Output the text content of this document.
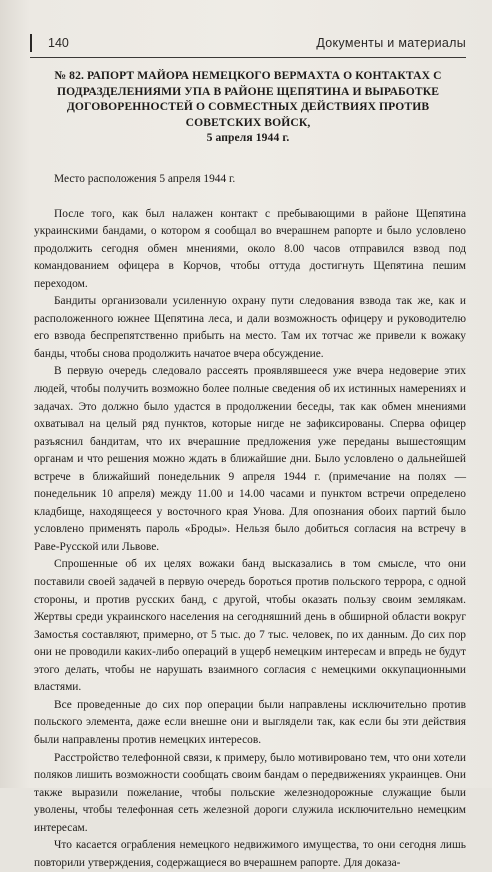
140	Документы и материалы
№ 82. РАПОРТ МАЙОРА НЕМЕЦКОГО ВЕРМАХТА О КОНТАКТАХ С ПОДРАЗДЕЛЕНИЯМИ УПА В РАЙОНЕ ЩЕПЯТИНА И ВЫРАБОТКЕ ДОГОВОРЕННОСТЕЙ О СОВМЕСТНЫХ ДЕЙСТВИЯХ ПРОТИВ СОВЕТСКИХ ВОЙСК,
5 апреля 1944 г.

Место расположения 5 апреля 1944 г.

После того, как был налажен контакт с пребывающими в районе Щепятина украинскими бандами, о котором я сообщал во вчерашнем рапорте и было условлено продолжить сегодня обмен мнениями, около 8.00 часов отправился взвод под командованием офицера в Корчов, чтобы оттуда достигнуть Щепятина пешим переходом.

Бандиты организовали усиленную охрану пути следования взвода так же, как и расположенного южнее Щепятина леса, и дали возможность офицеру и руководителю его взвода беспрепятственно прибыть на место. Там их тотчас же привели к вожаку банды, чтобы снова продолжить начатое вчера обсуждение.

В первую очередь следовало рассеять проявлявшееся уже вчера недоверие этих людей, чтобы получить возможно более полные сведения об их истинных намерениях и задачах. Это должно было удастся в продолжении беседы, так как обмен мнениями охватывал на целый ряд пунктов, которые нигде не зафиксированы. Сперва офицер разъяснил бандитам, что их вчерашние предложения уже переданы вышестоящим органам и что решения можно ждать в ближайшие дни. Было условлено о дальнейшей встрече в ближайший понедельник 9 апреля 1944 г. (примечание на полях — понедельник 10 апреля) между 11.00 и 14.00 часами и пунктом встречи определено кладбище, находящееся у восточного края Унова. Для опознания обоих партий было условлено применять пароль «Броды». Нельзя было добиться согласия на встречу в Раве-Русской или Львове.

Спрошенные об их целях вожаки банд высказались в том смысле, что они поставили своей задачей в первую очередь бороться против польского террора, с одной стороны, и против русских банд, с другой, чтобы оказать пользу своим землякам. Жертвы среди украинского населения на сегодняшний день в обширной области вокруг Замостья составляют, примерно, от 5 тыс. до 7 тыс. человек, по их данным. До сих пор они не проводили каких-либо операций в ущерб немецким интересам и впредь не будут этого делать, чтобы не нарушать взаимного согласия с немецкими оккупационными властями.

Все проведенные до сих пор операции были направлены исключительно против польского элемента, даже если внешне они и выглядели так, как если бы эти действия были направлены против немецких интересов.

Расстройство телефонной связи, к примеру, было мотивировано тем, что они хотели поляков лишить возможности сообщать своим бандам о передвижениях украинцев. Они также выразили пожелание, чтобы польские железнодорожные служащие были уволены, чтобы телефонная сеть железной дороги служила исключительно немецким интересам.

Что касается ограбления немецкого недвижимого имущества, то они сегодня лишь повторили утверждения, содержащиеся во вчерашнем рапорте. Для доказа-
